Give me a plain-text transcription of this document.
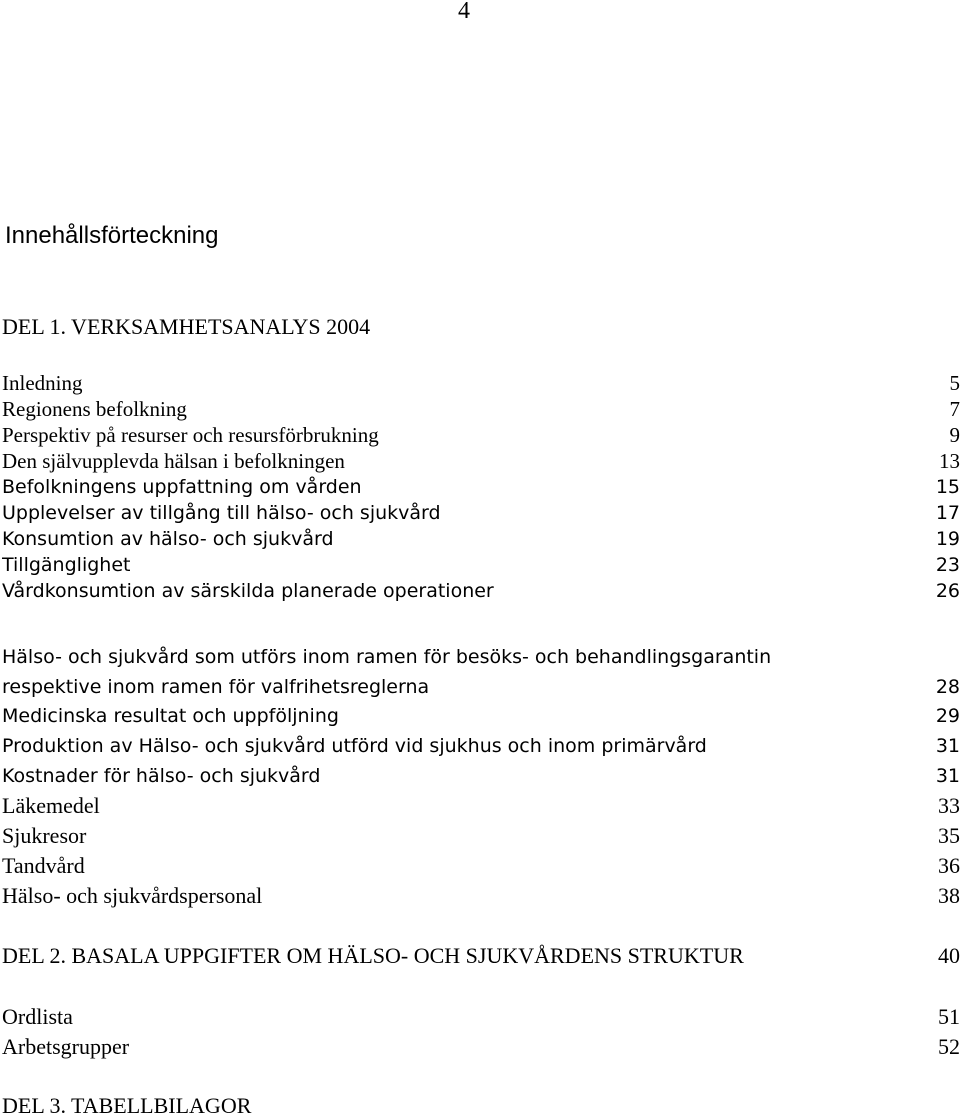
4
Innehållsförteckning
DEL 1. VERKSAMHETSANALYS 2004
Inledning	5
Regionens befolkning	7
Perspektiv på resurser och resursförbrukning	9
Den självupplevda hälsan i befolkningen	13
Befolkningens uppfattning om vården	15
Upplevelser av tillgång till hälso- och sjukvård	17
Konsumtion av hälso- och sjukvård	19
Tillgänglighet	23
Vårdkonsumtion av särskilda planerade operationer	26
Hälso- och sjukvård som utförs inom ramen för besöks- och behandlingsgarantin
respektive inom ramen för valfrihetsreglerna	28
Medicinska resultat och uppföljning	29
Produktion av Hälso- och sjukvård utförd vid sjukhus och inom primärvård	31
Kostnader för hälso- och sjukvård	31
Läkemedel	33
Sjukresor	35
Tandvård	36
Hälso- och sjukvårdspersonal	38
DEL 2. BASALA UPPGIFTER OM HÄLSO- OCH SJUKVÅRDENS STRUKTUR	40
Ordlista	51
Arbetsgrupper	52
DEL 3. TABELLBILAGOR
